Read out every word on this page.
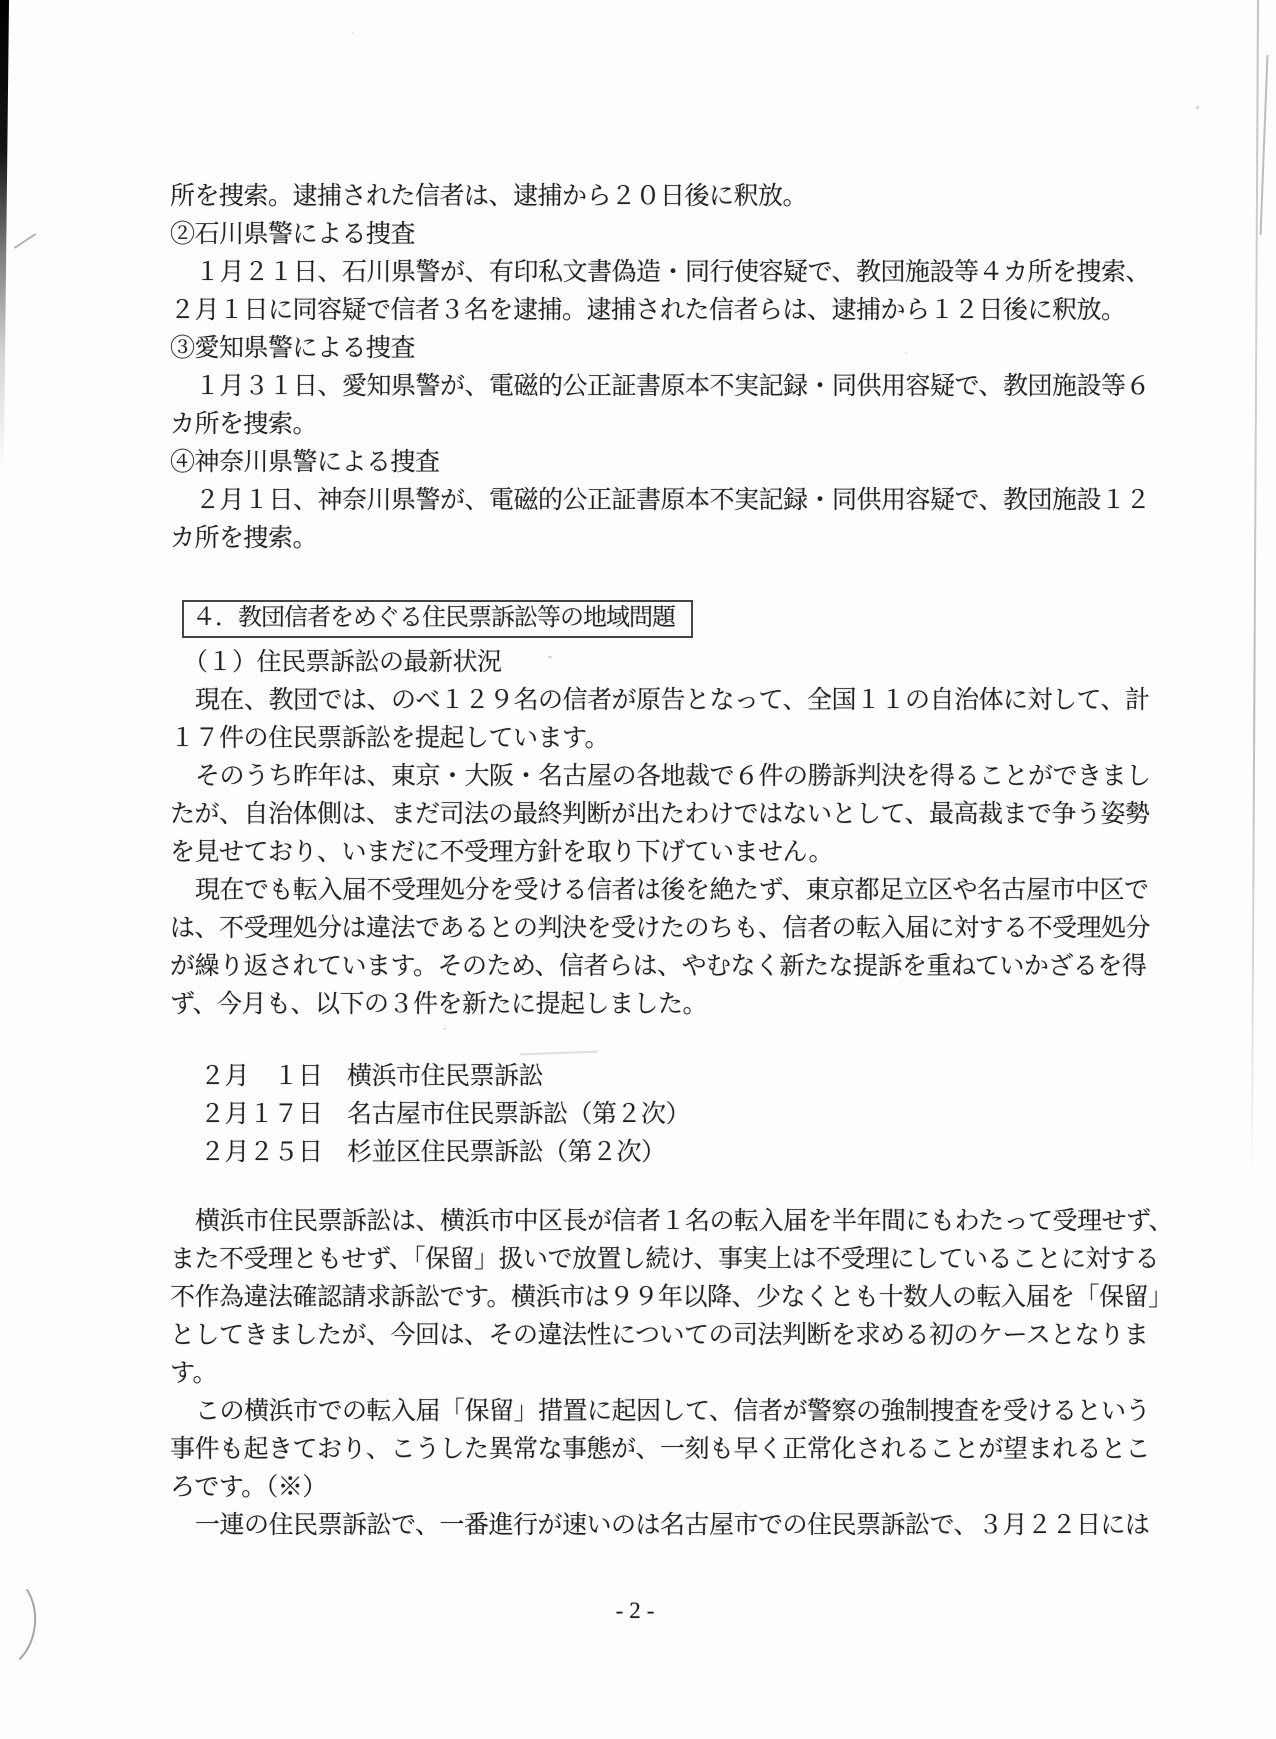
所を捜索。逮捕された信者は、逮捕から２０日後に釈放。
②石川県警による捜査
１月２１日、石川県警が、有印私文書偽造・同行使容疑で、教団施設等４カ所を捜索、
２月１日に同容疑で信者３名を逮捕。逮捕された信者らは、逮捕から１２日後に釈放。
③愛知県警による捜査
１月３１日、愛知県警が、電磁的公正証書原本不実記録・同供用容疑で、教団施設等６
カ所を捜索。
④神奈川県警による捜査
２月１日、神奈川県警が、電磁的公正証書原本不実記録・同供用容疑で、教団施設１２
カ所を捜索。
４．教団信者をめぐる住民票訴訟等の地域問題
（１）住民票訴訟の最新状況
現在、教団では、のべ１２９名の信者が原告となって、全国１１の自治体に対して、計
１７件の住民票訴訟を提起しています。
そのうち昨年は、東京・大阪・名古屋の各地裁で６件の勝訴判決を得ることができまし
たが、自治体側は、まだ司法の最終判断が出たわけではないとして、最高裁まで争う姿勢
を見せており、いまだに不受理方針を取り下げていません。
現在でも転入届不受理処分を受ける信者は後を絶たず、東京都足立区や名古屋市中区で
は、不受理処分は違法であるとの判決を受けたのちも、信者の転入届に対する不受理処分
が繰り返されています。そのため、信者らは、やむなく新たな提訴を重ねていかざるを得
ず、今月も、以下の３件を新たに提起しました。
２月　１日　横浜市住民票訴訟
２月１７日　名古屋市住民票訴訟（第２次）
２月２５日　杉並区住民票訴訟（第２次）
横浜市住民票訴訟は、横浜市中区長が信者１名の転入届を半年間にもわたって受理せず、
また不受理ともせず、「保留」扱いで放置し続け、事実上は不受理にしていることに対する
不作為違法確認請求訴訟です。横浜市は９９年以降、少なくとも十数人の転入届を「保留」
としてきましたが、今回は、その違法性についての司法判断を求める初のケースとなりま
す。
この横浜市での転入届「保留」措置に起因して、信者が警察の強制捜査を受けるという
事件も起きており、こうした異常な事態が、一刻も早く正常化されることが望まれるとこ
ろです。（※）
一連の住民票訴訟で、一番進行が速いのは名古屋市での住民票訴訟で、３月２２日には
-2-
